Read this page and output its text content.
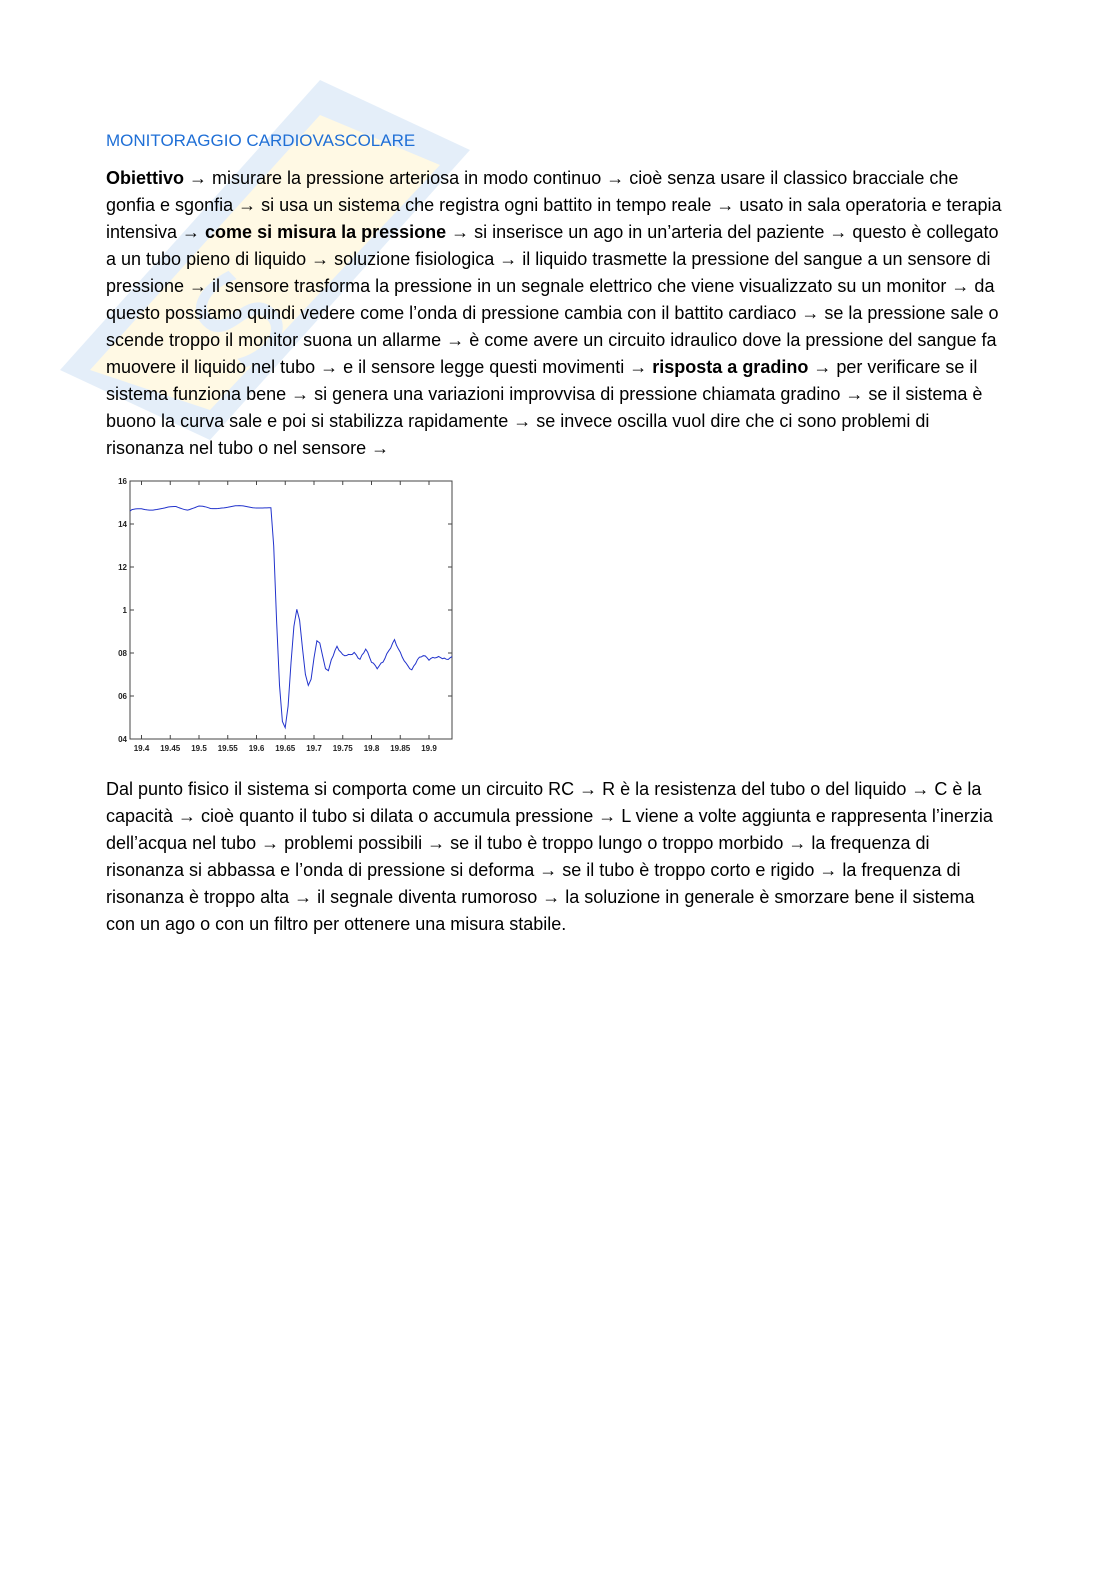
S
MONITORAGGIO CARDIOVASCOLARE

Obiettivo → misurare la pressione arteriosa in modo continuo → cioè senza usare il classico bracciale che gonfia e sgonfia → si usa un sistema che registra ogni battito in tempo reale → usato in sala operatoria e terapia intensiva → come si misura la pressione → si inserisce un ago in un’arteria del paziente → questo è collegato a un tubo pieno di liquido → soluzione fisiologica → il liquido trasmette la pressione del sangue a un sensore di pressione → il sensore trasforma la pressione in un segnale elettrico che viene visualizzato su un monitor → da questo possiamo quindi vedere come l’onda di pressione cambia con il battito cardiaco → se la pressione sale o scende troppo il monitor suona un allarme → è come avere un circuito idraulico dove la pressione del sangue fa muovere il liquido nel tubo → e il sensore legge questi movimenti → risposta a gradino → per verificare se il sistema funziona bene → si genera una variazioni improvvisa di pressione chiamata gradino → se il sistema è buono la curva sale e poi si stabilizza rapidamente → se invece oscilla vuol dire che ci sono problemi di risonanza nel tubo o nel sensore →

04
06
08
1
12
14
16
19.4 19.45 19.5 19.55 19.6 19.65 19.7 19.75 19.8 19.85 19.9

Dal punto fisico il sistema si comporta come un circuito RC → R è la resistenza del tubo o del liquido → C è la capacità → cioè quanto il tubo si dilata o accumula pressione → L viene a volte aggiunta e rappresenta l’inerzia dell’acqua nel tubo → problemi possibili → se il tubo è troppo lungo o troppo morbido → la frequenza di risonanza si abbassa e l’onda di pressione si deforma → se il tubo è troppo corto e rigido → la frequenza di risonanza è troppo alta → il segnale diventa rumoroso → la soluzione in generale è smorzare bene il sistema con un ago o con un filtro per ottenere una misura stabile.
